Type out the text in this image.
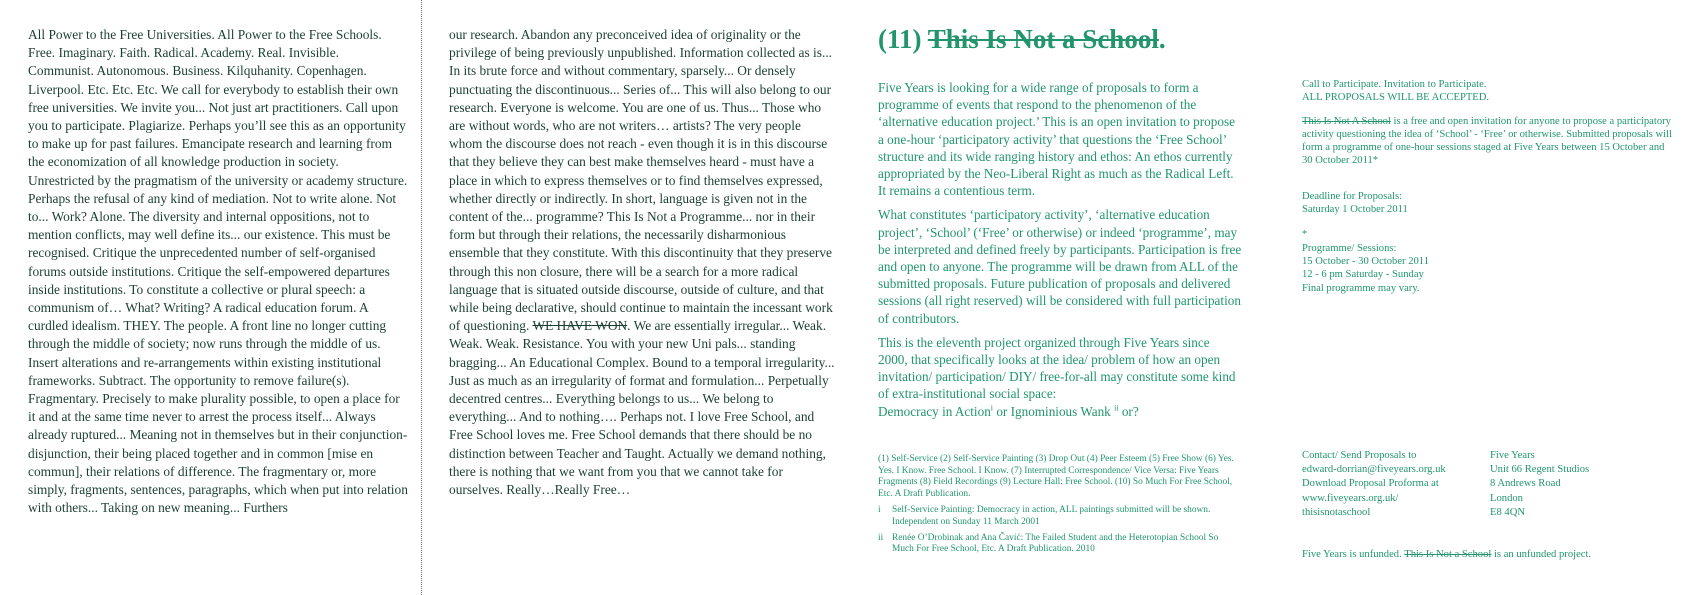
All Power to the Free Universities. All Power to the Free Schools. Free. Imaginary. Faith. Radical. Academy. Real. Invisible. Communist. Autonomous. Business. Kilquhanity. Copenhagen. Liverpool. Etc. Etc. Etc. We call for everybody to establish their own free universities. We invite you... Not just art practitioners. Call upon you to participate. Plagiarize. Perhaps you’ll see this as an opportunity to make up for past failures. Emancipate research and learning from the economization of all knowledge production in society. Unrestricted by the pragmatism of the university or academy structure. Perhaps the refusal of any kind of mediation. Not to write alone. Not to... Work? Alone. The diversity and internal oppositions, not to mention conflicts, may well define its... our existence. This must be recognised. Critique the unprecedented number of self-organised forums outside institutions. Critique the self-empowered departures inside institutions. To constitute a collective or plural speech: a communism of… What? Writing? A radical education forum. A curdled idealism. THEY. The people. A front line no longer cutting through the middle of society; now runs through the middle of us. Insert alterations and re-arrangements within existing institutional frameworks. Subtract. The opportunity to remove failure(s). Fragmentary. Precisely to make plurality possible, to open a place for it and at the same time never to arrest the process itself... Always already ruptured... Meaning not in themselves but in their conjunction-disjunction, their being placed together and in common [mise en commun], their relations of difference. The fragmentary or, more simply, fragments, sentences, paragraphs, which when put into relation with others... Taking on new meaning... Furthers

our research. Abandon any preconceived idea of originality or the privilege of being previously unpublished. Information collected as is... In its brute force and without commentary, sparsely... Or densely punctuating the discontinuous... Series of... This will also belong to our research. Everyone is welcome. You are one of us. Thus... Those who are without words, who are not writers… artists? The very people whom the discourse does not reach - even though it is in this discourse that they believe they can best make themselves heard - must have a place in which to express themselves or to find themselves expressed, whether directly or indirectly. In short, language is given not in the content of the... programme? This Is Not a Programme... nor in their form but through their relations, the necessarily disharmonious ensemble that they constitute. With this discontinuity that they preserve through this non closure, there will be a search for a more radical language that is situated outside discourse, outside of culture, and that while being declarative, should continue to maintain the incessant work of questioning. WE HAVE WON. We are essentially irregular... Weak. Weak. Weak. Resistance. You with your new Uni pals... standing bragging... An Educational Complex. Bound to a temporal irregularity... Just as much as an irregularity of format and formulation... Perpetually decentred centres... Everything belongs to us... We belong to everything... And to nothing…. Perhaps not. I love Free School, and Free School loves me. Free School demands that there should be no distinction between Teacher and Taught. Actually we demand nothing, there is nothing that we want from you that we cannot take for ourselves. Really…Really Free…

(11) This Is Not a School.

Five Years is looking for a wide range of proposals to form a programme of events that respond to the phenomenon of the ‘alternative education project.’ This is an open invitation to propose a one-hour ‘participatory activity’ that questions the ‘Free School’ structure and its wide ranging history and ethos: An ethos currently appropriated by the Neo-Liberal Right as much as the Radical Left. It remains a contentious term.

What constitutes ‘participatory activity’, ‘alternative education project’, ‘School’ (‘Free’ or otherwise) or indeed ‘programme’, may be interpreted and defined freely by participants. Participation is free and open to anyone. The programme will be drawn from ALL of the submitted proposals. Future publication of proposals and delivered sessions (all right reserved) will be considered with full participation of contributors.

This is the eleventh project organized through Five Years since 2000, that specifically looks at the idea/ problem of how an open invitation/ participation/ DIY/ free-for-all may constitute some kind of extra-institutional social space:
Democracy in Action$^i$ or Ignominious Wank $^{ii}$ or?

(1) Self-Service (2) Self-Service Painting (3) Drop Out (4) Peer Esteem (5) Free Show (6) Yes. Yes. I Know. Free School. I Know. (7) Interrupted Correspondence/ Vice Versa: Five Years Fragments (8) Field Recordings (9) Lecture Hall: Free School. (10) So Much For Free School, Etc. A Draft Publication.

i	Self-Service Painting: Democracy in action, ALL paintings submitted will be shown. Independent on Sunday 11 March 2001
ii Renée O’Drobinak and Ana Čavić: The Failed Student and the Heterotopian School So Much For Free School, Etc. A Draft Publication. 2010

Call to Participate. Invitation to Participate.
ALL PROPOSALS WILL BE ACCEPTED.

This Is Not A School is a free and open invitation for anyone to propose a participatory activity questioning the idea of ‘School’ - ‘Free’ or otherwise. Submitted proposals will form a programme of one-hour sessions staged at Five Years between 15 October and 30 October 2011*

Deadline for Proposals:
Saturday 1 October 2011

*
Programme/ Sessions:
15 October - 30 October 2011
12 - 6 pm Saturday - Sunday
Final programme may vary.

Contact/ Send Proposals to
edward-dorrian@fiveyears.org.uk
Download Proposal Proforma at
www.fiveyears.org.uk/
thisisnotaschool
Five Years
Unit 66 Regent Studios
8 Andrews Road
London
E8 4QN
Five Years is unfunded. This Is Not a School is an unfunded project.
